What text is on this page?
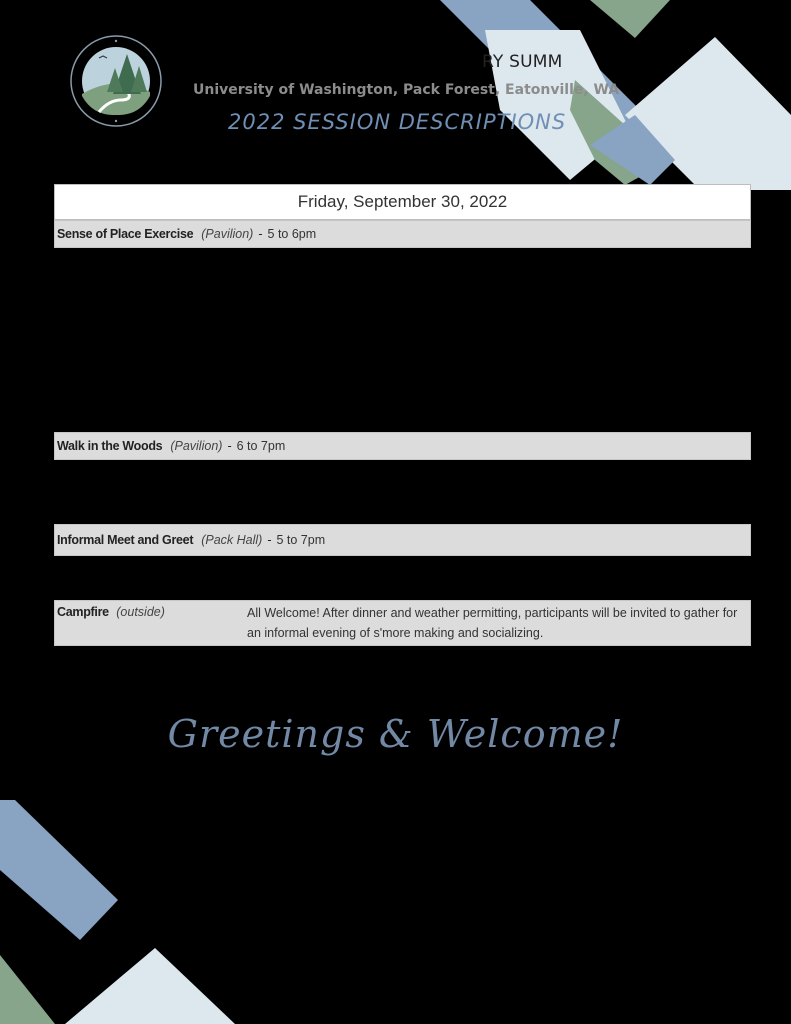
RY SUMM
University of Washington, Pack Forest, Eatonville, WA
2022 SESSION DESCRIPTIONS
Friday, September 30, 2022
Sense of Place Exercise (Pavilion) - 5 to 6pm
Walk in the Woods (Pavilion) - 6 to 7pm
Informal Meet and Greet (Pack Hall) - 5 to 7pm
Campfire (outside)	All Welcome! After dinner and weather permitting, participants will be invited to gather for an informal evening of s'more making and socializing.
Greetings & Welcome!
